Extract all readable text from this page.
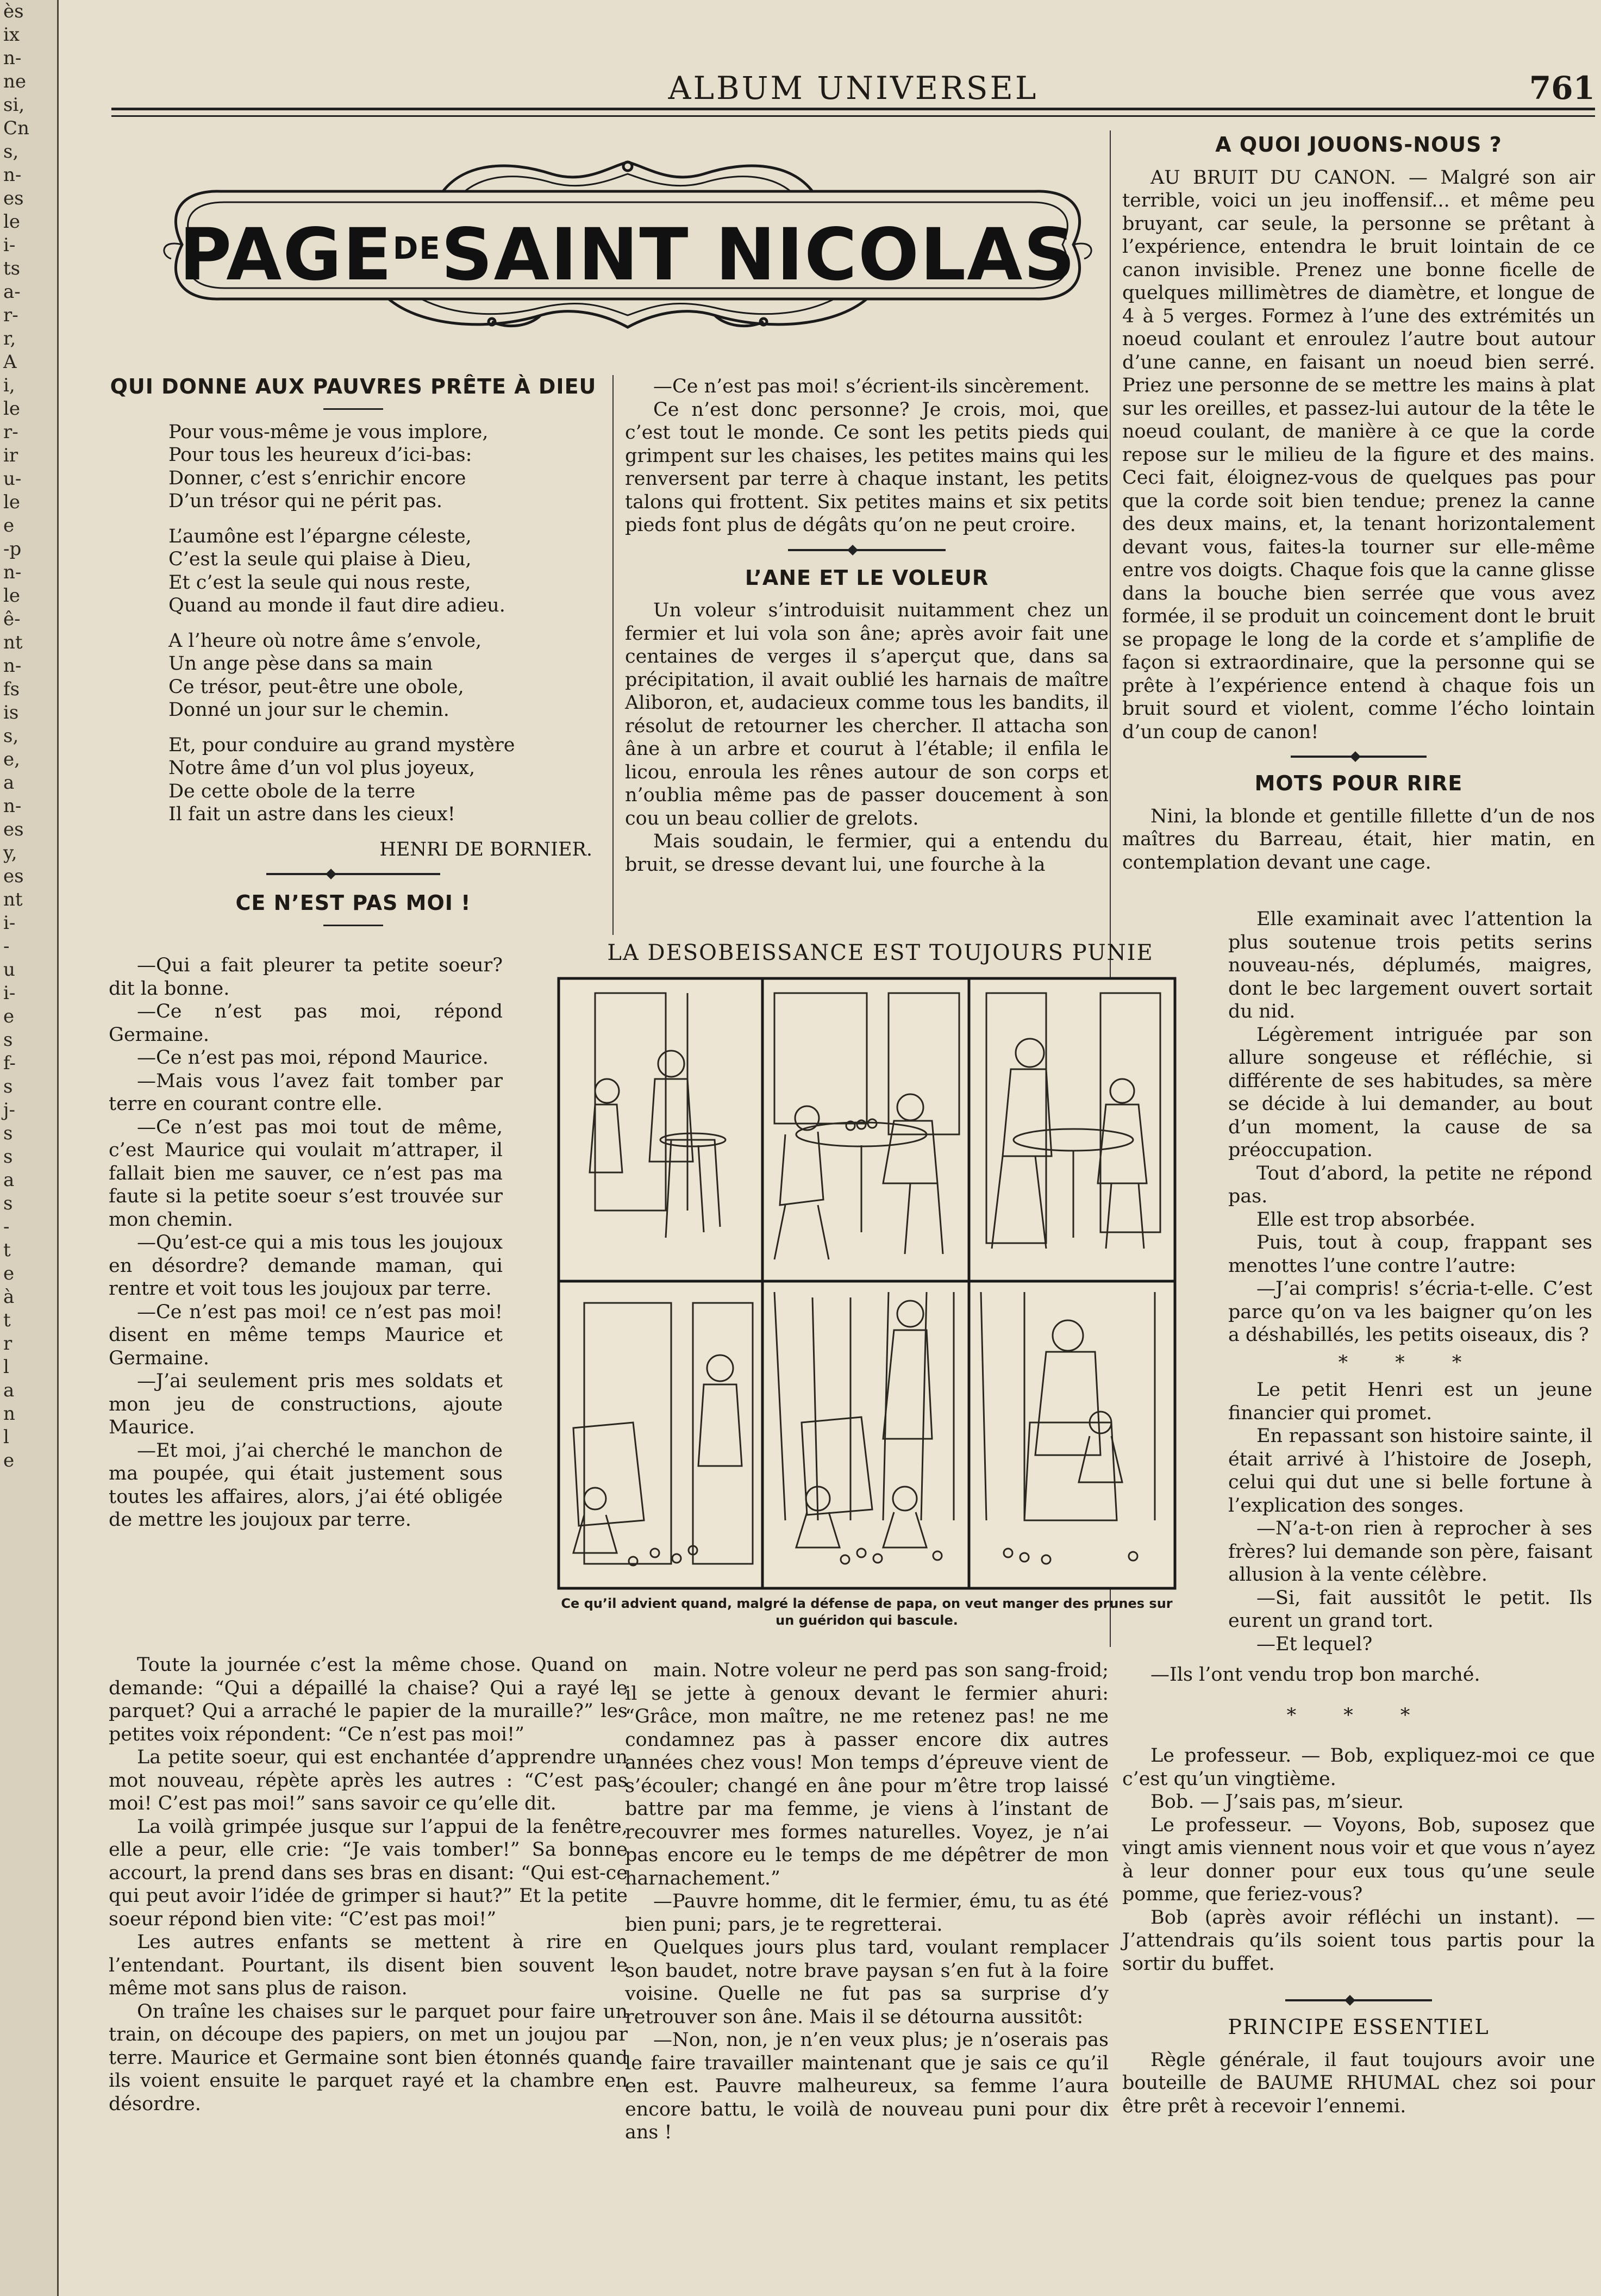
ès
ix
n-
ne
si,
Cn
s,
n-
es
le
i-
ts
a-
r-
r,
A
i,
le
r-
ir
u-
le
e
-p
n-
le
ê-
nt
n-
fs
is
s,
e,
a
n-
es
y,
es
nt
i-
-
u
i-
e
s
f-
s
j-
s
s
a
s
-
t
e
à
t
r
l
a
n
l
e
ALBUM UNIVERSEL	761
$PAGE^{DE}SAINT$ NICOLAS
QUI DONNE AUX PAUVRES PRÊTE À DIEU

Pour vous-même je vous implore,

Pour tous les heureux d’ici-bas:

Donner, c’est s’enrichir encore

D’un trésor qui ne périt pas.

L’aumône est l’épargne céleste,

C’est la seule qui plaise à Dieu,

Et c’est la seule qui nous reste,

Quand au monde il faut dire adieu.

A l’heure où notre âme s’envole,

Un ange pèse dans sa main

Ce trésor, peut-être une obole,

Donné un jour sur le chemin.

Et, pour conduire au grand mystère

Notre âme d’un vol plus joyeux,

De cette obole de la terre

Il fait un astre dans les cieux!

HENRI DE BORNIER.
CE N’EST PAS MOI !

—Qui a fait pleurer ta petite soeur? dit la bonne.

—Ce n’est pas moi, répond Germaine.

—Ce n’est pas moi, répond Maurice.

—Mais vous l’avez fait tomber par terre en courant contre elle.

—Ce n’est pas moi tout de même, c’est Maurice qui voulait m’attraper, il fallait bien me sauver, ce n’est pas ma faute si la petite soeur s’est trouvée sur mon chemin.

—Qu’est-ce qui a mis tous les joujoux en désordre? demande maman, qui rentre et voit tous les joujoux par terre.

—Ce n’est pas moi! ce n’est pas moi! disent en même temps Maurice et Germaine.

—J’ai seulement pris mes soldats et mon jeu de constructions, ajoute Maurice.

—Et moi, j’ai cherché le manchon de ma poupée, qui était justement sous toutes les affaires, alors, j’ai été obligée de mettre les joujoux par terre.

Toute la journée c’est la même chose. Quand on demande: “Qui a dépaillé la chaise? Qui a rayé le parquet? Qui a arraché le papier de la muraille?” les petites voix répondent: “Ce n’est pas moi!”

La petite soeur, qui est enchantée d’apprendre un mot nouveau, répète après les autres : “C’est pas moi! C’est pas moi!” sans savoir ce qu’elle dit.

La voilà grimpée jusque sur l’appui de la fenêtre, elle a peur, elle crie: “Je vais tomber!” Sa bonne accourt, la prend dans ses bras en disant: “Qui est-ce qui peut avoir l’idée de grimper si haut?” Et la petite soeur répond bien vite: “C’est pas moi!”

Les autres enfants se mettent à rire en l’entendant. Pourtant, ils disent bien souvent le même mot sans plus de raison.

On traîne les chaises sur le parquet pour faire un train, on découpe des papiers, on met un joujou par terre. Maurice et Germaine sont bien étonnés quand ils voient ensuite le parquet rayé et la chambre en désordre.

—Ce n’est pas moi! s’écrient-ils sincèrement.

Ce n’est donc personne? Je crois, moi, que c’est tout le monde. Ce sont les petits pieds qui grimpent sur les chaises, les petites mains qui les renversent par terre à chaque instant, les petits talons qui frottent. Six petites mains et six petits pieds font plus de dégâts qu’on ne peut croire.

L’ANE ET LE VOLEUR

Un voleur s’introduisit nuitamment chez un fermier et lui vola son âne; après avoir fait une centaines de verges il s’aperçut que, dans sa précipitation, il avait oublié les harnais de maître Aliboron, et, audacieux comme tous les bandits, il résolut de retourner les chercher. Il attacha son âne à un arbre et courut à l’étable; il enfila le licou, enroula les rênes autour de son corps et n’oublia même pas de passer doucement à son cou un beau collier de grelots.

Mais soudain, le fermier, qui a entendu du bruit, se dresse devant lui, une fourche à la

main. Notre voleur ne perd pas son sang-froid; il se jette à genoux devant le fermier ahuri: “Grâce, mon maître, ne me retenez pas! ne me condamnez pas à passer encore dix autres années chez vous! Mon temps d’épreuve vient de s’écouler; changé en âne pour m’être trop laissé battre par ma femme, je viens à l’instant de recouvrer mes formes naturelles. Voyez, je n’ai pas encore eu le temps de me dépêtrer de mon harnachement.”

—Pauvre homme, dit le fermier, ému, tu as été bien puni; pars, je te regretterai.

Quelques jours plus tard, voulant remplacer son baudet, notre brave paysan s’en fut à la foire voisine. Quelle ne fut pas sa surprise d’y retrouver son âne. Mais il se détourna aussitôt:

—Non, non, je n’en veux plus; je n’oserais pas le faire travailler maintenant que je sais ce qu’il en est. Pauvre malheureux, sa femme l’aura encore battu, le voilà de nouveau puni pour dix ans !

LA DESOBEISSANCE EST TOUJOURS PUNIE
Ce qu’il advient quand, malgré la défense de papa, on veut manger des prunes sur un guéridon qui bascule.
A QUOI JOUONS-NOUS ?

AU BRUIT DU CANON. — Malgré son air terrible, voici un jeu inoffensif... et même peu bruyant, car seule, la personne se prêtant à l’expérience, entendra le bruit lointain de ce canon invisible. Prenez une bonne ficelle de quelques millimètres de diamètre, et longue de 4 à 5 verges. Formez à l’une des extrémités un noeud coulant et enroulez l’autre bout autour d’une canne, en faisant un noeud bien serré. Priez une personne de se mettre les mains à plat sur les oreilles, et passez-lui autour de la tête le noeud coulant, de manière à ce que la corde repose sur le milieu de la figure et des mains. Ceci fait, éloignez-vous de quelques pas pour que la corde soit bien tendue; prenez la canne des deux mains, et, la tenant horizontalement devant vous, faites-la tourner sur elle-même entre vos doigts. Chaque fois que la canne glisse dans la bouche bien serrée que vous avez formée, il se produit un coincement dont le bruit se propage le long de la corde et s’amplifie de façon si extraordinaire, que la personne qui se prête à l’expérience entend à chaque fois un bruit sourd et violent, comme l’écho lointain d’un coup de canon!

MOTS POUR RIRE

Nini, la blonde et gentille fillette d’un de nos maîtres du Barreau, était, hier matin, en contemplation devant une cage.

Elle examinait avec l’attention la plus soutenue trois petits serins nouveau-nés, déplumés, maigres, dont le bec largement ouvert sortait du nid.

Légèrement intriguée par son allure songeuse et réfléchie, si différente de ses habitudes, sa mère se décide à lui demander, au bout d’un moment, la cause de sa préoccupation.

Tout d’abord, la petite ne répond pas.

Elle est trop absorbée.

Puis, tout à coup, frappant ses menottes l’une contre l’autre:

—J’ai compris! s’écria-t-elle. C’est parce qu’on va les baigner qu’on les a déshabillés, les petits oiseaux, dis ?

* * *

Le petit Henri est un jeune financier qui promet.

En repassant son histoire sainte, il était arrivé à l’histoire de Joseph, celui qui dut une si belle fortune à l’explication des songes.

—N’a-t-on rien à reprocher à ses frères? lui demande son père, faisant allusion à la vente célèbre.

—Si, fait aussitôt le petit. Ils eurent un grand tort.

—Et lequel?

—Ils l’ont vendu trop bon marché.

* * *

Le professeur. — Bob, expliquez-moi ce que c’est qu’un vingtième.

Bob. — J’sais pas, m’sieur.

Le professeur. — Voyons, Bob, suposez que vingt amis viennent nous voir et que vous n’ayez à leur donner pour eux tous qu’une seule pomme, que feriez-vous?

Bob (après avoir réfléchi un instant). — J’attendrais qu’ils soient tous partis pour la sortir du buffet.

PRINCIPE ESSENTIEL

Règle générale, il faut toujours avoir une bouteille de BAUME RHUMAL chez soi pour être prêt à recevoir l’ennemi.
